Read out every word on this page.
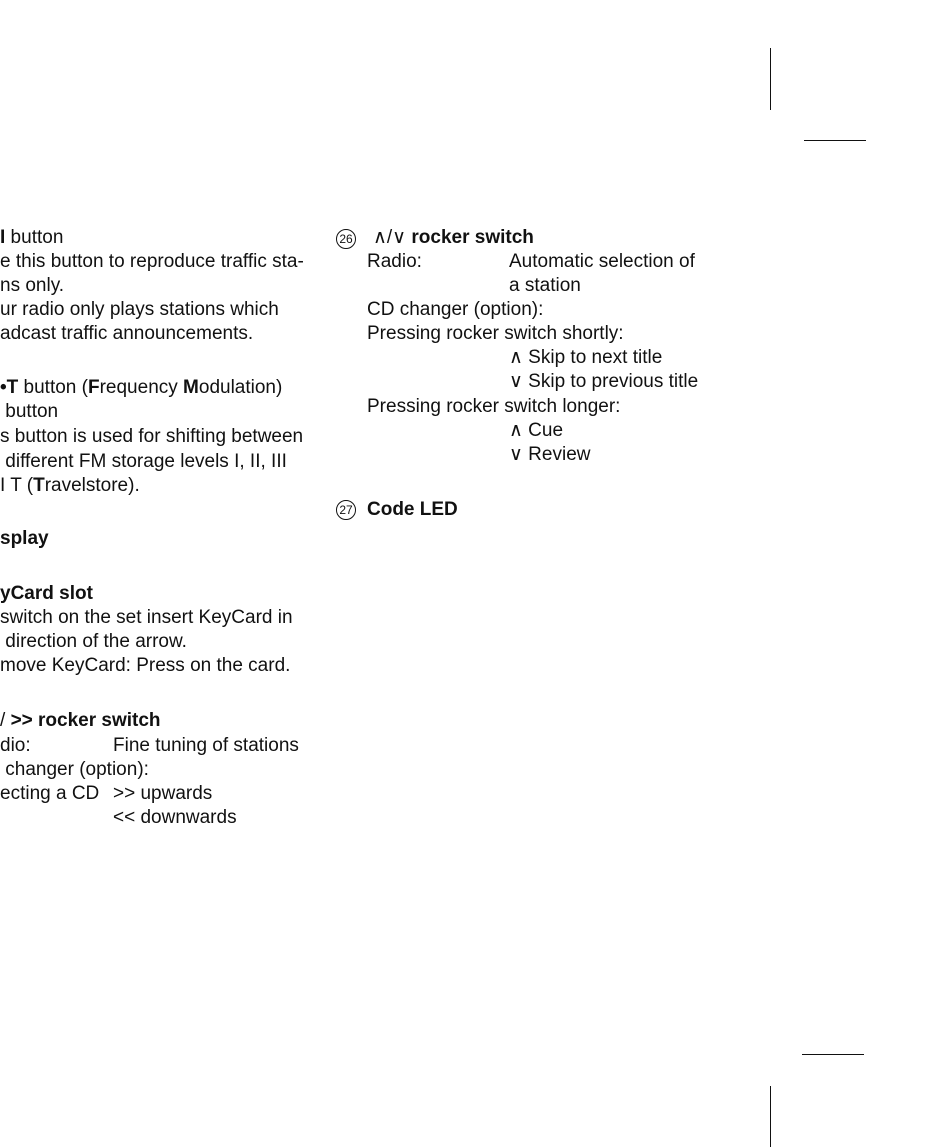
I button
e this button to reproduce traffic sta-
ns only.
ur radio only plays stations which
adcast traffic announcements.
•T button (Frequency Modulation)
button
s button is used for shifting between
different FM storage levels I, II, III
I T (Travelstore).
splay
yCard slot
switch on the set insert KeyCard in
direction of the arrow.
move KeyCard: Press on the card.
/ >> rocker switch
dio:	Fine tuning of stations
changer (option):
ecting a CD >> upwards
<< downwards
26 ∧/∨ rocker switch
Radio:	Automatic selection of
a station
CD changer (option):
Pressing rocker switch shortly:
∧ Skip to next title
∨ Skip to previous title
Pressing rocker switch longer:
∧ Cue
∨ Review
27 Code LED
